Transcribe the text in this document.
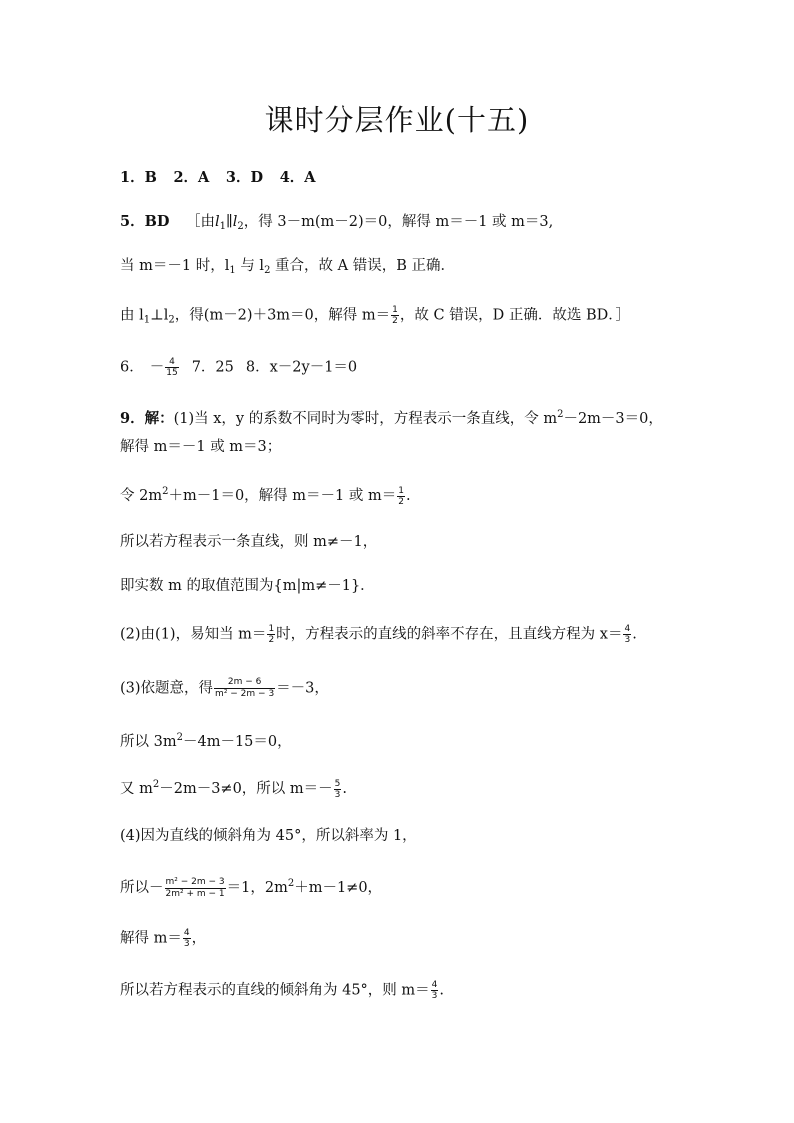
课时分层作业(十五)
1．B 2．A 3．D 4．A
5．BD ［由$l_1\parallel l_2$，得 3－m(m－2)＝0，解得 m＝－1 或 m＝3,
当 m＝－1 时，$l_1$ 与 $l_2$ 重合，故 A 错误，B 正确．
由 $l_1\perp l_2$，得(m－2)＋3m＝0，解得 $m= \frac{1}{2}$ ，故 C 错误，D 正确．故选 BD．］
6． － $\frac{4}{15} 7$．25 8．x－2y－1＝0
9．解：(1)当 x，y 的系数不同时为零时，方程表示一条直线，令 $m^2-2m-3=0$，
解得 m＝－1 或 m＝3；
令 $2m^2+m-1=0$，解得 m＝－1 或 $m= \frac{1}{2}$ .
所以若方程表示一条直线，则 m≠－1，
即实数 m 的取值范围为{m|m≠－1}．
(2)由(1)，易知当 $m= \frac{1}{2}$ 时，方程表示的直线的斜率不存在，且直线方程为 $x= \frac{4}{3}$ .
(3)依题意，得 $\frac{2m - 6}{\text{m² − 2m − 3}} =-3$，
所以 $3m^2-4m-15=0$，
又 $m^2-2m-3\ne 0$，所以 $m=- \frac{5}{3}$ .
(4)因为直线的倾斜角为 45°，所以斜率为 1，
所以－ $\frac{\text{m² − 2m − 3}}{\text{2m² + m − 1}} =1$，$2m^2+m-1\ne 0$，
解得 $m= \frac{4}{3}$ ，
所以若方程表示的直线的倾斜角为 45°，则 $m= \frac{4}{3}$ .
